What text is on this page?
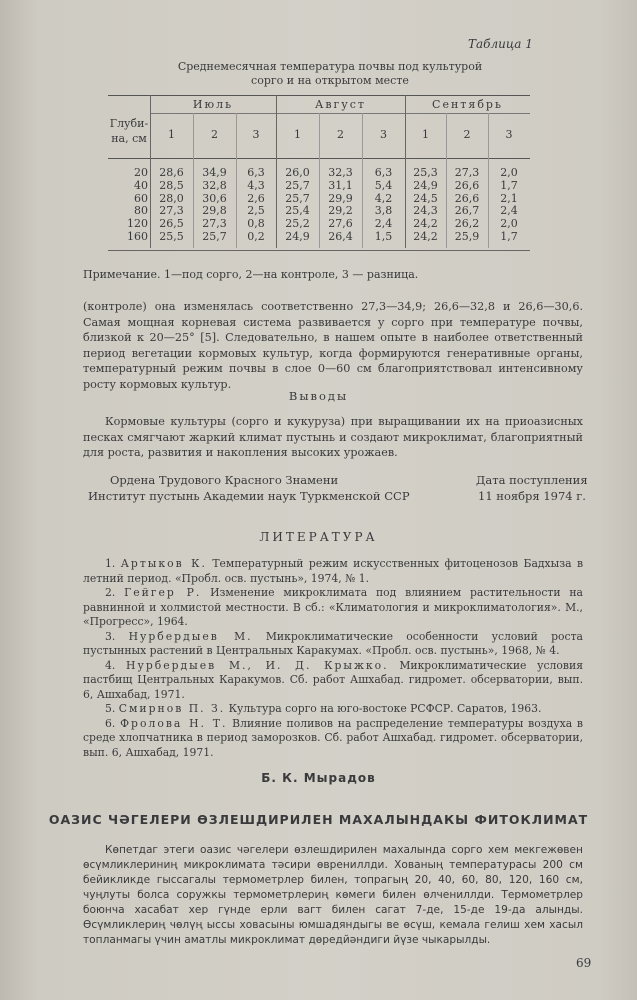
Таблица 1
Среднемесячная температура почвы под культурой
сорго и на открытом месте
Глуби-
на, см
Июль	Август	Сентябрь
1	2	3	1	2	3	1	2	3
20	28,6	34,9	6,3	26,0	32,3	6,3	25,3	27,3	2,0
40	28,5	32,8	4,3	25,7	31,1	5,4	24,9	26,6	1,7
60	28,0	30,6	2,6	25,7	29,9	4,2	24,5	26,6	2,1
80	27,3	29,8	2,5	25,4	29,2	3,8	24,3	26,7	2,4
120	26,5	27,3	0,8	25,2	27,6	2,4	24,2	26,2	2,0
160	25,5	25,7	0,2	24,9	26,4	1,5	24,2	25,9	1,7
Примечание. 1—под сорго, 2—на контроле, 3 — разница.
(контроле) она изменялась соответственно 27,3—34,9; 26,6—32,8 и 26,6—30,6. Самая мощная корневая система развивается у сорго при температуре почвы, близкой к 20—25° [5]. Следовательно, в нашем опыте в наиболее ответственный период вегетации кормовых культур, когда формируются генеративные органы, температурный режим почвы в слое 0—60 см благоприятствовал интенсивному росту кормовых культур.
Выводы
Кормовые культуры (сорго и кукуруза) при выращивании их на приоазисных песках смягчают жаркий климат пустынь и создают микроклимат, благоприятный для роста, развития и накопления высоких урожаев.
Ордена Трудового Красного Знамени
Институт пустынь Академии наук Туркменской ССР
Дата поступления
11 ноября 1974 г.
ЛИТЕРАТУРА
1. Артыков К. Температурный режим искусственных фитоценозов Бадхыза в летний период. «Пробл. осв. пустынь», 1974, № 1.
2. Гейгер Р. Изменение микроклимата под влиянием растительности на равнинной и холмистой местности. В сб.: «Климатология и микроклиматология». М., «Прогресс», 1964.
3. Нурбердыев М. Микроклиматические особенности условий роста пустынных растений в Центральных Каракумах. «Пробл. осв. пустынь», 1968, № 4.
4. Нурбердыев М., И. Д. Крыжко. Микроклиматические условия пастбищ Центральных Каракумов. Сб. работ Ашхабад. гидромет. обсерватории, вып. 6, Ашхабад, 1971.
5. Смирнов П. З. Культура сорго на юго-востоке РСФСР. Саратов, 1963.
6. Фролова Н. Т. Влияние поливов на распределение температуры воздуха в среде хлопчатника в период заморозков. Сб. работ Ашхабад. гидромет. обсерватории, вып. 6, Ашхабад, 1971.
Б. К. Мырадов
ОАЗИС ЧӘГЕЛЕРИ ӨЗЛЕШДИРИЛЕН МАХАЛЫНДАКЫ ФИТОКЛИМАТ
Көпетдаг этеги оазис чәгелери өзлешдирилен махалында сорго хем мекгежөвен өсүмликлериниң микроклимата тәсири өврениллди. Хованың температурасы 200 см бейикликде гыссагалы термометрлер билен, топрагың 20, 40, 60, 80, 120, 160 см, чуңлуты болса соружкы термометрлериң көмеги билен өлчениллди. Термометрлер боюнча хасабат хер гүнде ерли вагт билен сагат 7-де, 15-де 19-да алынды. Өсүмликлериң чөлүң ыссы ховасыны юмшадяндыгы ве өсүш, кемала гелиш хем хасыл топланмагы үчин аматлы микроклимат дөредйәндиги йүзе чыкарылды.
69
